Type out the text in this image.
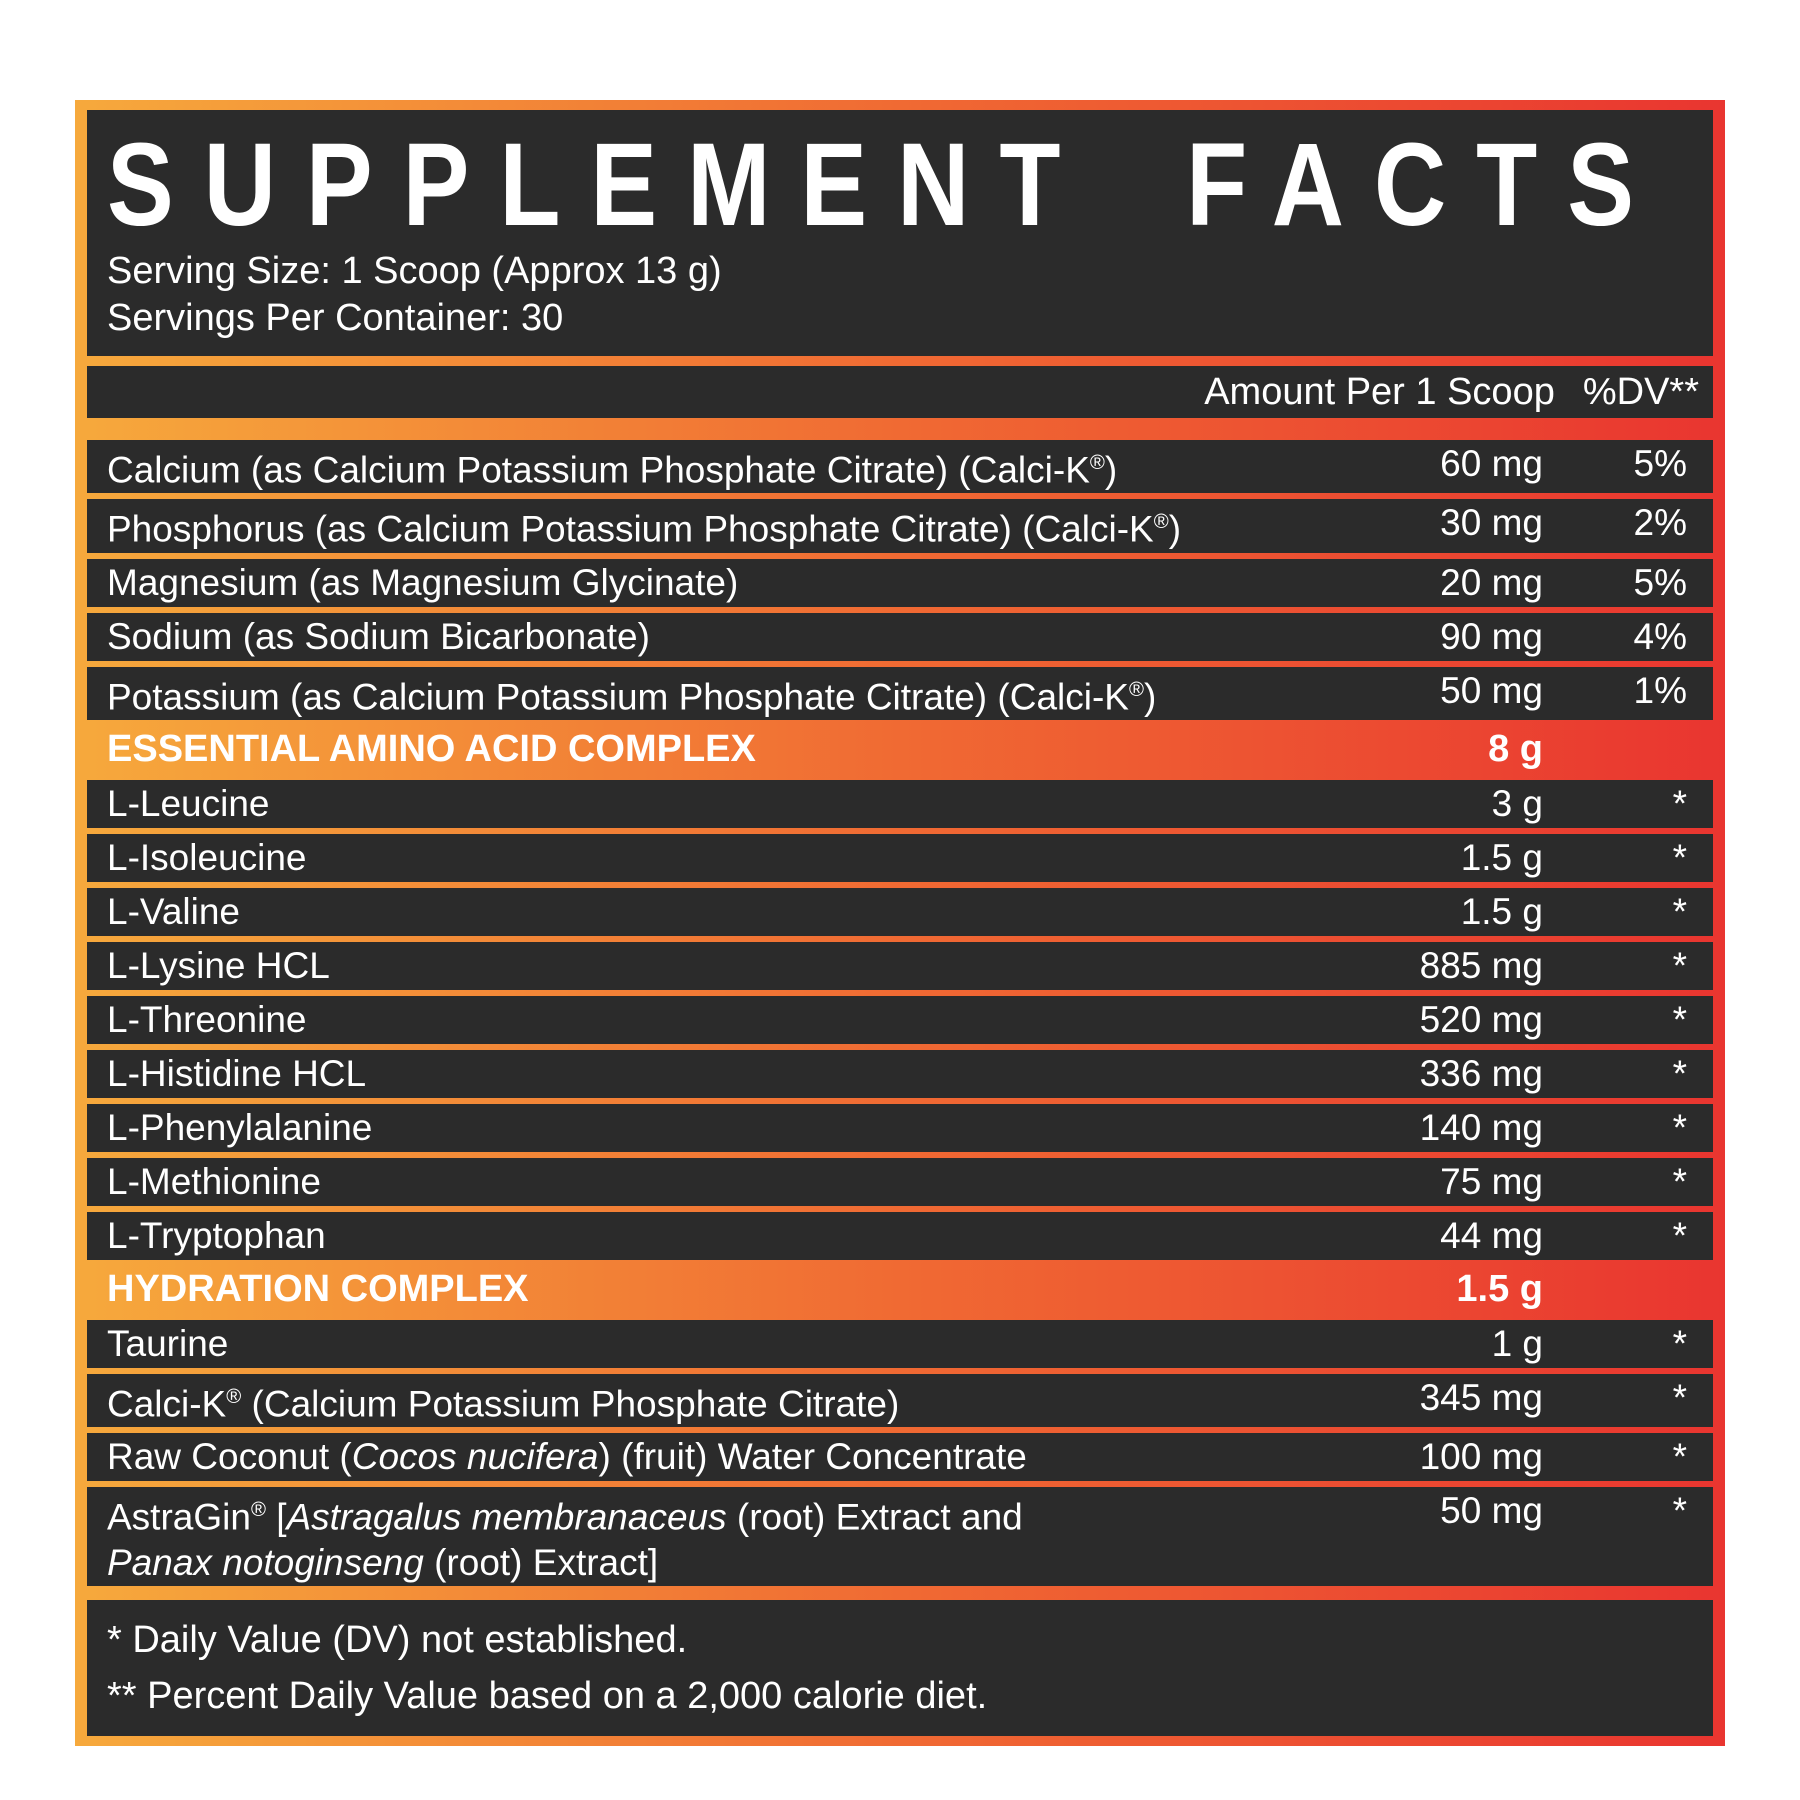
SUPPLEMENT FACTS
Serving Size: 1 Scoop (Approx 13 g)
Servings Per Container: 30
Amount Per 1 Scoop %DV**
Calcium (as Calcium Potassium Phosphate Citrate) (Calci-K®)	60 mg	5%
Phosphorus (as Calcium Potassium Phosphate Citrate) (Calci-K®)	30 mg	2%
Magnesium (as Magnesium Glycinate)	20 mg	5%
Sodium (as Sodium Bicarbonate)	90 mg	4%
Potassium (as Calcium Potassium Phosphate Citrate) (Calci-K®)	50 mg	1%
ESSENTIAL AMINO ACID COMPLEX	8 g
L-Leucine	3 g	*
L-Isoleucine	1.5 g	*
L-Valine	1.5 g	*
L-Lysine HCL	885 mg	*
L-Threonine	520 mg	*
L-Histidine HCL	336 mg	*
L-Phenylalanine	140 mg	*
L-Methionine	75 mg	*
L-Tryptophan	44 mg	*
HYDRATION COMPLEX	1.5 g
Taurine	1 g	*
Calci-K® (Calcium Potassium Phosphate Citrate)	345 mg	*
Raw Coconut (Cocos nucifera) (fruit) Water Concentrate	100 mg	*
AstraGin® [Astragalus membranaceus (root) Extract and
Panax notoginseng (root) Extract]
50 mg	*
* Daily Value (DV) not established.
** Percent Daily Value based on a 2,000 calorie diet.
